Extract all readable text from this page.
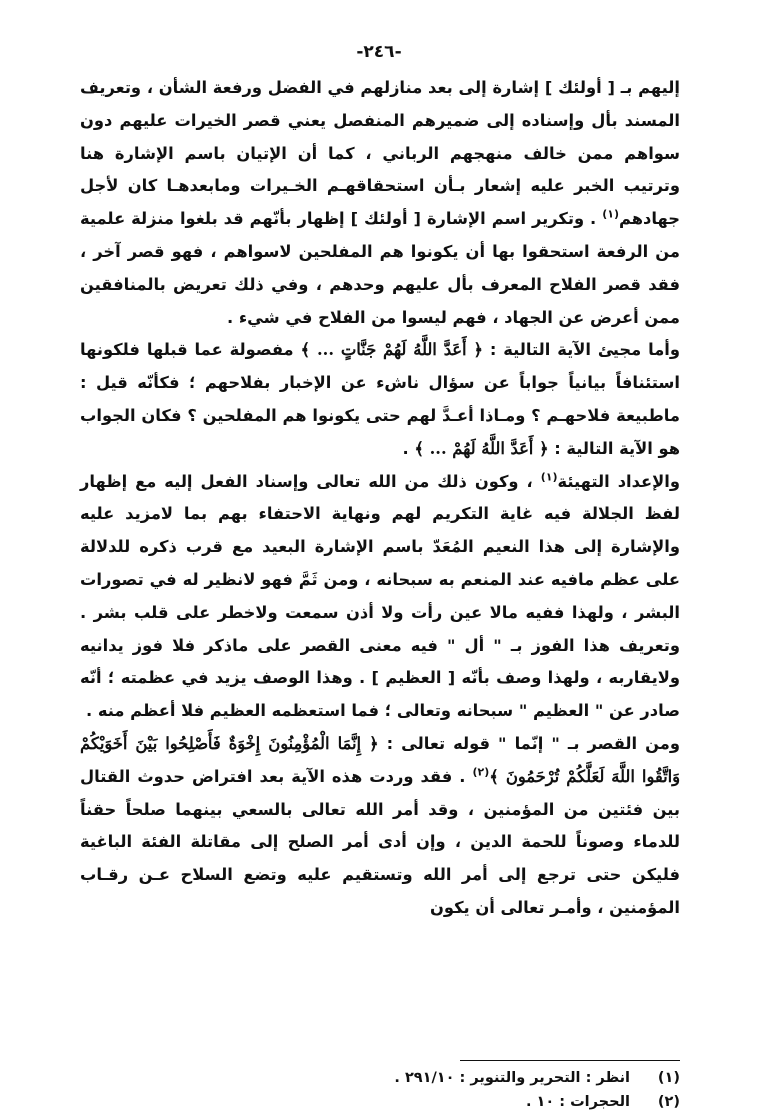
-٢٤٦-

إليهم بـ [ أولئك ] إشارة إلى بعد منازلهم في الفضل ورفعة الشأن ، وتعريف المسند بأل وإسناده إلى ضميرهم المنفصل يعني قصر الخيرات عليهم دون سواهم ممن خالف منهجهم الرباني ، كما أن الإتيان باسم الإشارة هنا وترتيب الخبر عليه إشعار بـأن استحقاقهـم الخـيرات ومابعدهـا كان لأجل جهادهم$^{(١)}$ . وتكرير اسم الإشارة [ أولئك ] إظهار بأنّهم قد بلغوا منزلة علمية من الرفعة استحقوا بها أن يكونوا هم المفلحين لاسواهم ، فهو قصر آخر ، فقد قصر الفلاح المعرف بأل عليهم وحدهم ، وفي ذلك تعريض بالمنافقين ممن أعرض عن الجهاد ، فهم ليسوا من الفلاح في شيء .

وأما مجيئ الآية التالية : ﴿ أَعَدَّ اللَّهُ لَهُمْ جَنَّاتٍ ... ﴾ مفصولة عما قبلها فلكونها استئنافاً بيانياً جواباً عن سؤال ناشء عن الإخبار بفلاحهم ؛ فكأنّه قيل : ماطبيعة فلاحهـم ؟ ومـاذا أعـدَّ لهم حتى يكونوا هم المفلحين ؟ فكان الجواب هو الآية التالية : ﴿ أَعَدَّ اللَّهُ لَهُمْ ... ﴾ .

والإعداد التهيئة$^{(١)}$ ، وكون ذلك من الله تعالى وإسناد الفعل إليه مع إظهار لفظ الجلالة فيه غاية التكريم لهم ونهاية الاحتفاء بهم بما لامزيد عليه والإشارة إلى هذا النعيم المُعَدّ باسم الإشارة البعيد مع قرب ذكره للدلالة على عظم مافيه عند المنعم به سبحانه ، ومن ثَمَّ فهو لانظير له في تصورات البشر ، ولهذا ففيه مالا عين رأت ولا أذن سمعت ولاخطر على قلب بشر . وتعريف هذا الفوز بـ " أل " فيه معنى القصر على ماذكر فلا فوز يدانيه ولايقاربه ، ولهذا وصف بأنّه [ العظيم ] . وهذا الوصف يزيد في عظمته ؛ أنّه صادر عن " العظيم " سبحانه وتعالى ؛ فما استعظمه العظيم فلا أعظم منه .

ومن القصر بـ " إنّما " قوله تعالى : ﴿ إِنَّمَا الْمُؤْمِنُونَ إِخْوَةٌ فَأَصْلِحُوا بَيْنَ أَخَوَيْكُمْ وَاتَّقُوا اللَّهَ لَعَلَّكُمْ تُرْحَمُونَ ﴾$^{(٢)}$ . فقد وردت هذه الآية بعد افتراض حدوث القتال بين فئتين من المؤمنين ، وقد أمر الله تعالى بالسعي بينهما صلحاً حقناً للدماء وصوناً للحمة الدين ، وإن أدى أمر الصلح إلى مقاتلة الفئة الباغية فليكن حتى ترجع إلى أمر الله وتستقيم عليه وتضع السلاح عـن رقـاب المؤمنين ، وأمـر تعالى أن يكون

(١)
انظر : التحرير والتنوير : ٢٩١/١٠ .
(٢)
الحجرات : ١٠ .
